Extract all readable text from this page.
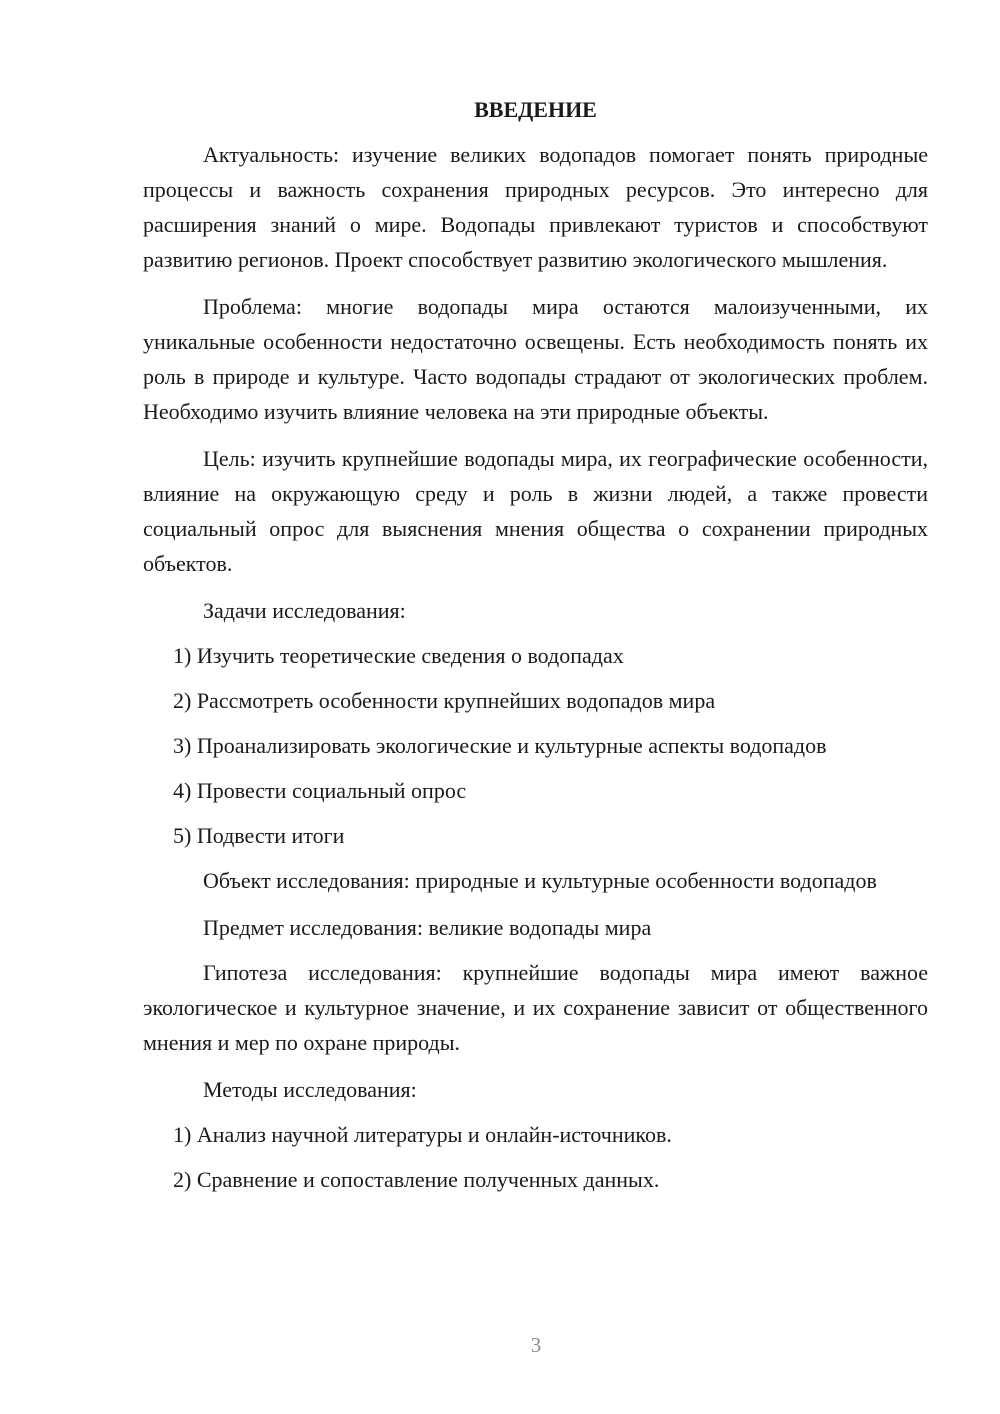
ВВЕДЕНИЕ

Актуальность: изучение великих водопадов помогает понять природные процессы и важность сохранения природных ресурсов. Это интересно для расширения знаний о мире. Водопады привлекают туристов и способствуют развитию регионов. Проект способствует развитию экологического мышления.

Проблема: многие водопады мира остаются малоизученными, их уникальные особенности недостаточно освещены. Есть необходимость понять их роль в природе и культуре. Часто водопады страдают от экологических проблем. Необходимо изучить влияние человека на эти природные объекты.

Цель: изучить крупнейшие водопады мира, их географические особенности, влияние на окружающую среду и роль в жизни людей, а также провести социальный опрос для выяснения мнения общества о сохранении природных объектов.

Задачи исследования:
1) Изучить теоретические сведения о водопадах
2) Рассмотреть особенности крупнейших водопадов мира
3) Проанализировать экологические и культурные аспекты водопадов
4) Провести социальный опрос
5) Подвести итоги

Объект исследования: природные и культурные особенности водопадов

Предмет исследования: великие водопады мира

Гипотеза исследования: крупнейшие водопады мира имеют важное экологическое и культурное значение, и их сохранение зависит от общественного мнения и мер по охране природы.

Методы исследования:
1) Анализ научной литературы и онлайн-источников.
2) Сравнение и сопоставление полученных данных.
3
